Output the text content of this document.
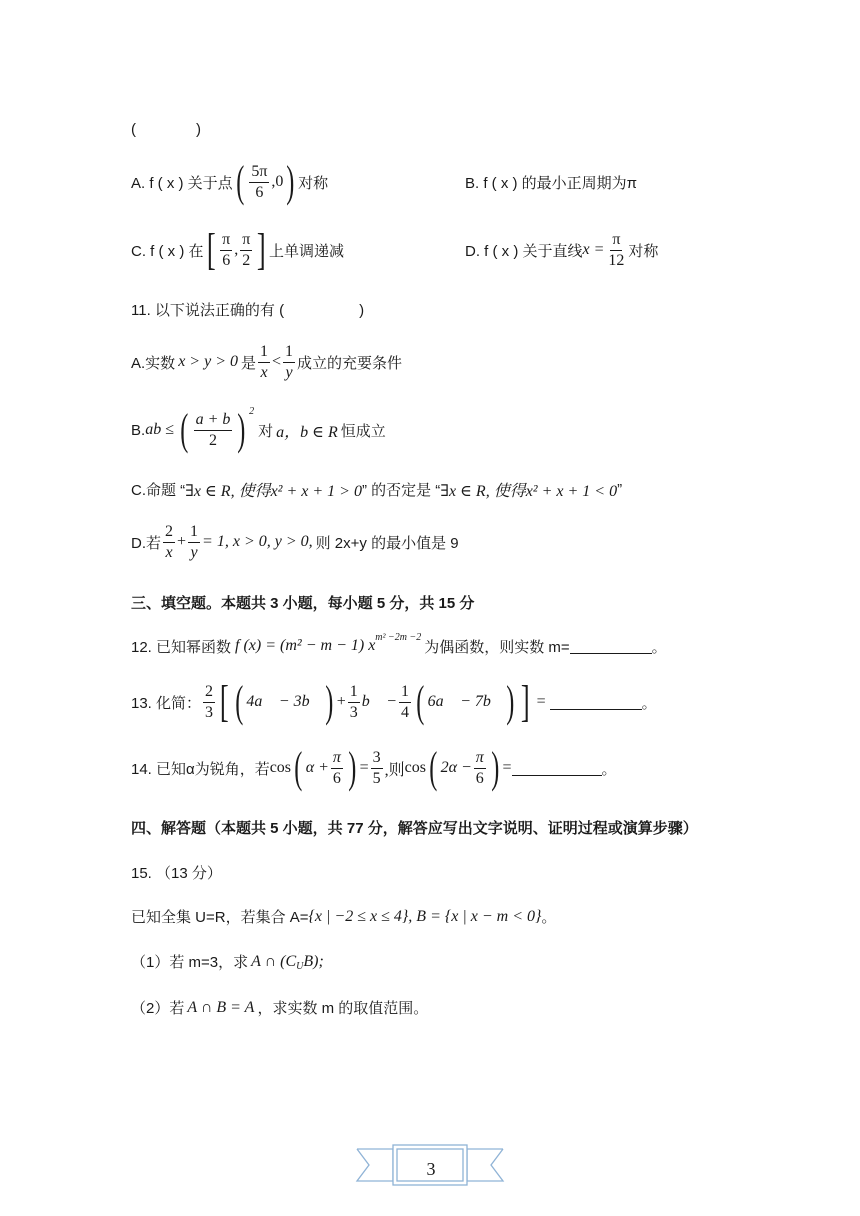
(　　　　)
A. f ( x ) 关于点 ( $\frac{5\pi}{6} ,0$ ) 对称	B. f ( x ) 的最小正周期为π
C. f ( x ) 在 [ $\frac{\pi}{6}$ , $\frac{\pi}{2}$ ] 上单调递减	D. f ( x ) 关于直线 $x = \frac{\pi}{12}$ 对称
11. 以下说法正确的有 (　　　　　)
A.实数 x > y > 0 是 $\frac{1}{x} < \frac{1}{y}$ 成立的充要条件
B. ab ≤ ( $\frac{a + b}{2}$ ) 2
对 a，b ∈ R 恒成立
C.命题 “ ∃x ∈ R, 使得x² + x + 1 > 0 ” 的否定是 “ ∃x ∈ R, 使得x² + x + 1 < 0 ”
D.若 $\frac{2}{x} + \frac{1}{y} = 1$, x > 0, y > 0, 则 2x+y 的最小值是 9
三、填空题。本题共 3 小题，每小题 5 分，共 15 分
12. 已知幂函数 f (x) = (m² − m − 1) x m² −2m −2
为偶函数，则实数 m=	。
13. 化简： $\frac{2}{3}$ [ ( 4a⃗ − 3b⃗ ) + $\frac{1}{3}$ b⃗ − $\frac{1}{4}$ ( 6a⃗ − 7b⃗ ) ] =	。
14. 已知α为锐角，若 cos ( $\alpha + \frac{\pi}{6}$ ) = $\frac{3}{5}$ ,则 cos ( $2\alpha - \frac{\pi}{6}$ ) =	。
四、解答题（本题共 5 小题，共 77 分，解答应写出文字说明、证明过程或演算步骤）
15. （13 分）
已知全集 U=R，若集合 A= {x | −2 ≤ x ≤ 4}, B = {x | x − m < 0} 。
（1）若 m=3，求 A ∩ (C U B);
（2）若 A ∩ B = A ，求实数 m 的取值范围。
3
